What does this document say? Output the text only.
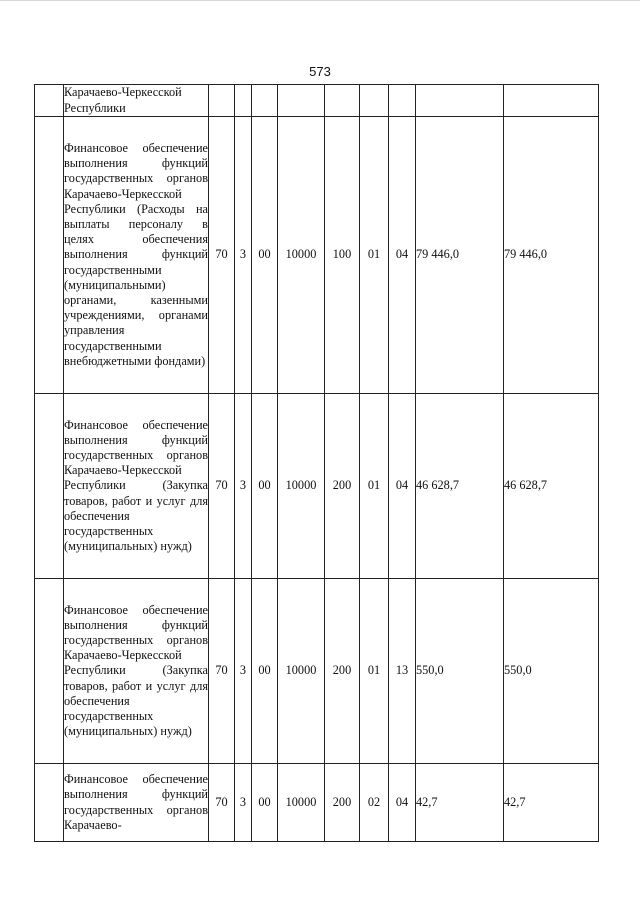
573

	Карачаево-Черкесской Республики									

	Финансовое обеспечение выполнения функций государственных органов Карачаево-Черкесской Республики (Расходы на выплаты персоналу в целях обеспечения выполнения функций государственными (муниципальными) органами, казенными учреждениями, органами управления государственными внебюджетными фондами)	70	3	00	10000	100	01	04	79 446,0	79 446,0

	Финансовое обеспечение выполнения функций государственных органов Карачаево-Черкесской Республики (Закупка товаров, работ и услуг для обеспечения государственных (муниципальных) нужд)	70	3	00	10000	200	01	04	46 628,7	46 628,7

	Финансовое обеспечение выполнения функций государственных органов Карачаево-Черкесской Республики (Закупка товаров, работ и услуг для обеспечения государственных (муниципальных) нужд)	70	3	00	10000	200	01	13	550,0	550,0

	Финансовое обеспечение выполнения функций государственных органов Карачаево-	70	3	00	10000	200	02	04	42,7	42,7
